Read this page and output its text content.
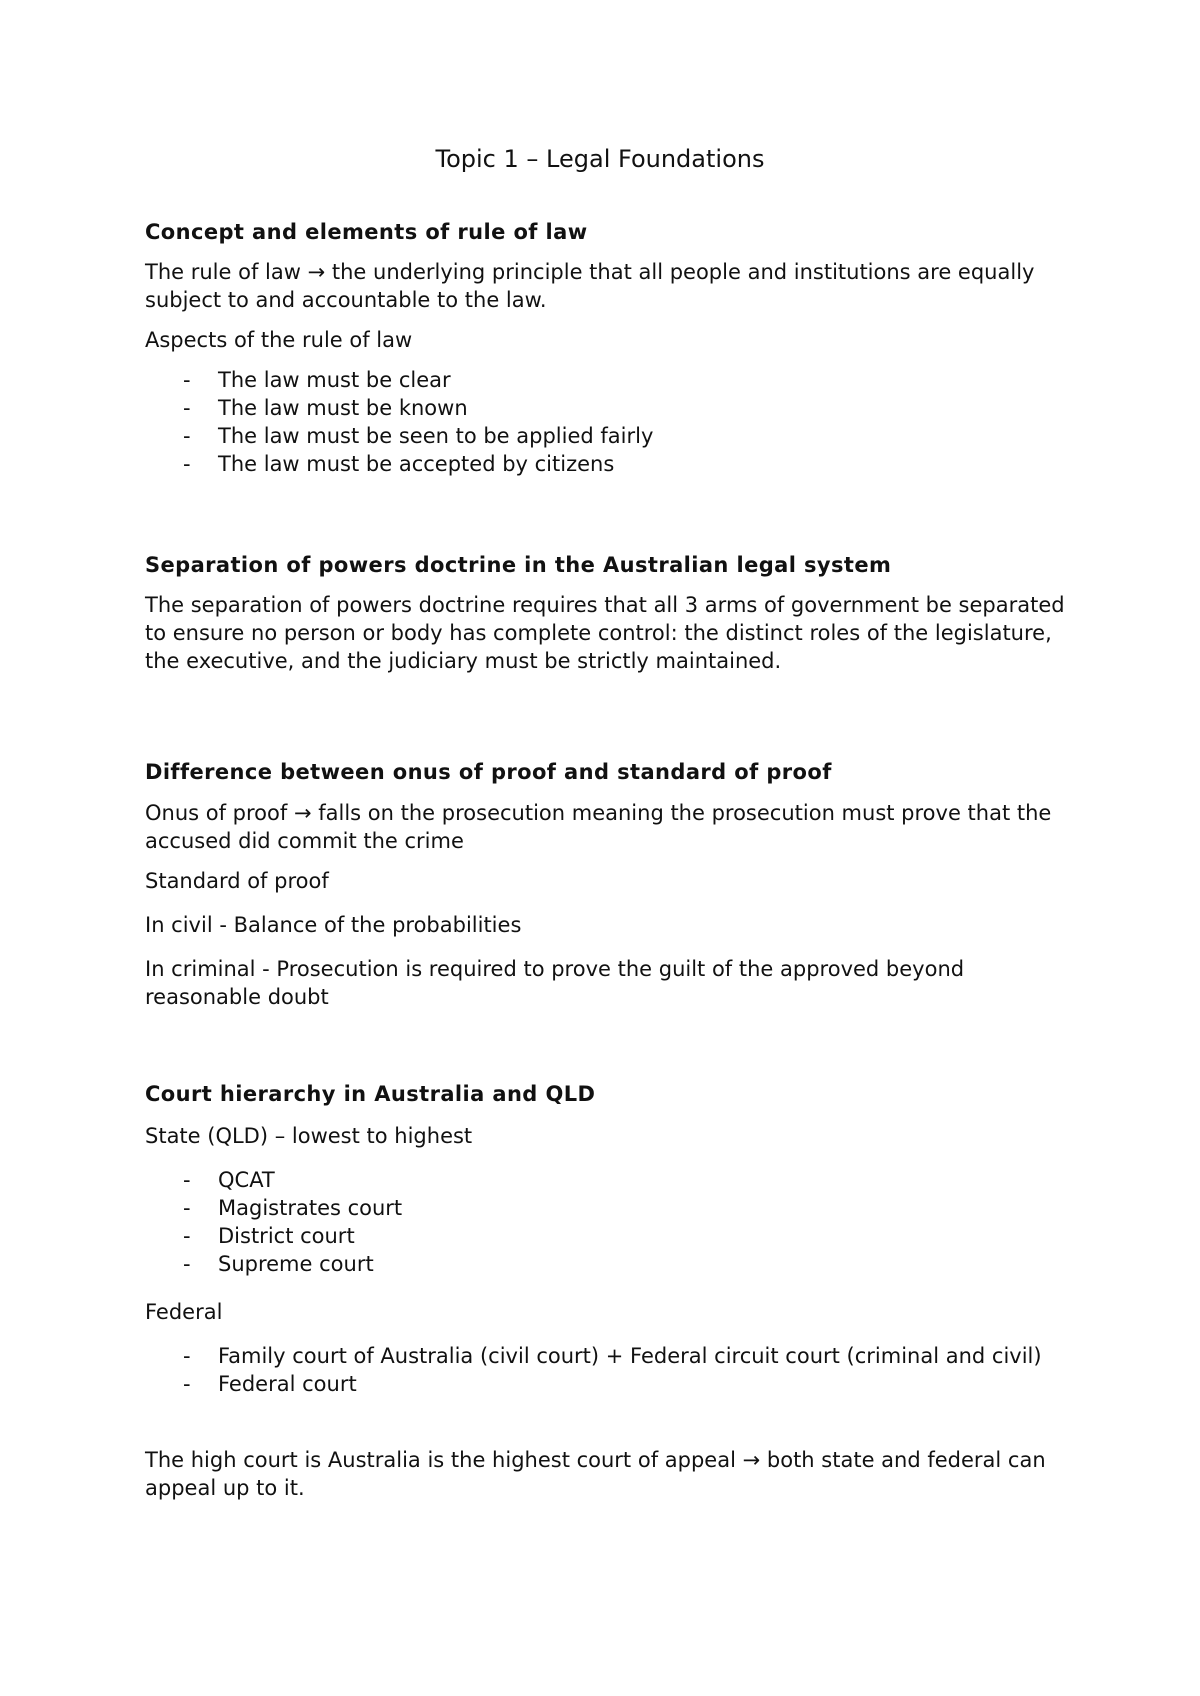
Topic 1 – Legal Foundations
Concept and elements of rule of law

The rule of law → the underlying principle that all people and institutions are equally subject to and accountable to the law.

Aspects of the rule of law

- The law must be clear
- The law must be known
- The law must be seen to be applied fairly
- The law must be accepted by citizens
Separation of powers doctrine in the Australian legal system

The separation of powers doctrine requires that all 3 arms of government be separated to ensure no person or body has complete control: the distinct roles of the legislature, the executive, and the judiciary must be strictly maintained.

Difference between onus of proof and standard of proof

Onus of proof → falls on the prosecution meaning the prosecution must prove that the accused did commit the crime

Standard of proof

In civil - Balance of the probabilities

In criminal - Prosecution is required to prove the guilt of the approved beyond reasonable doubt

Court hierarchy in Australia and QLD

State (QLD) – lowest to highest

- QCAT
- Magistrates court
- District court
- Supreme court

Federal

- Family court of Australia (civil court) + Federal circuit court (criminal and civil)
- Federal court

The high court is Australia is the highest court of appeal → both state and federal can appeal up to it.
